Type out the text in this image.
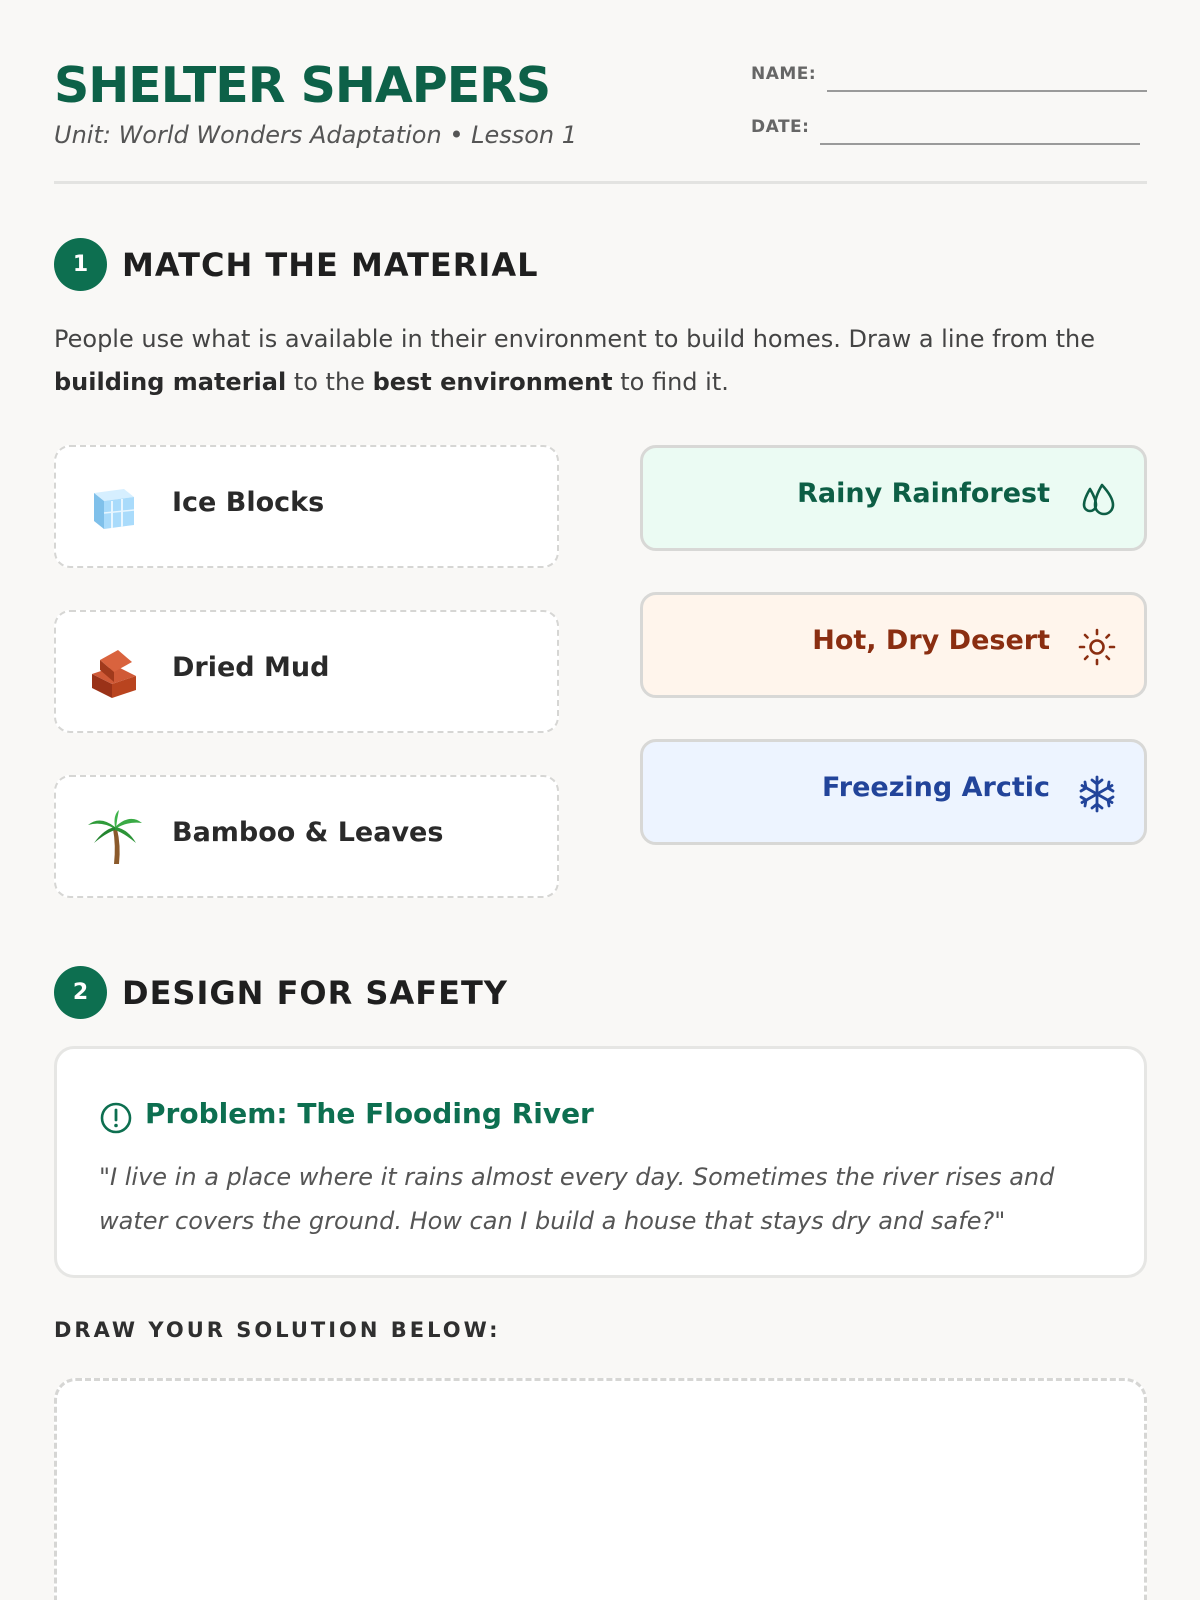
SHELTER SHAPERS
Unit: World Wonders Adaptation • Lesson 1
NAME:
DATE:
1	MATCH THE MATERIAL
People use what is available in their environment to build homes. Draw a line from the building material to the best environment to find it.
Ice Blocks
Dried Mud
Bamboo & Leaves
Rainy Rainforest
Hot, Dry Desert
Freezing Arctic
2	DESIGN FOR SAFETY
Problem: The Flooding River
"I live in a place where it rains almost every day. Sometimes the river rises and water covers the ground. How can I build a house that stays dry and safe?"
DRAW YOUR SOLUTION BELOW:
